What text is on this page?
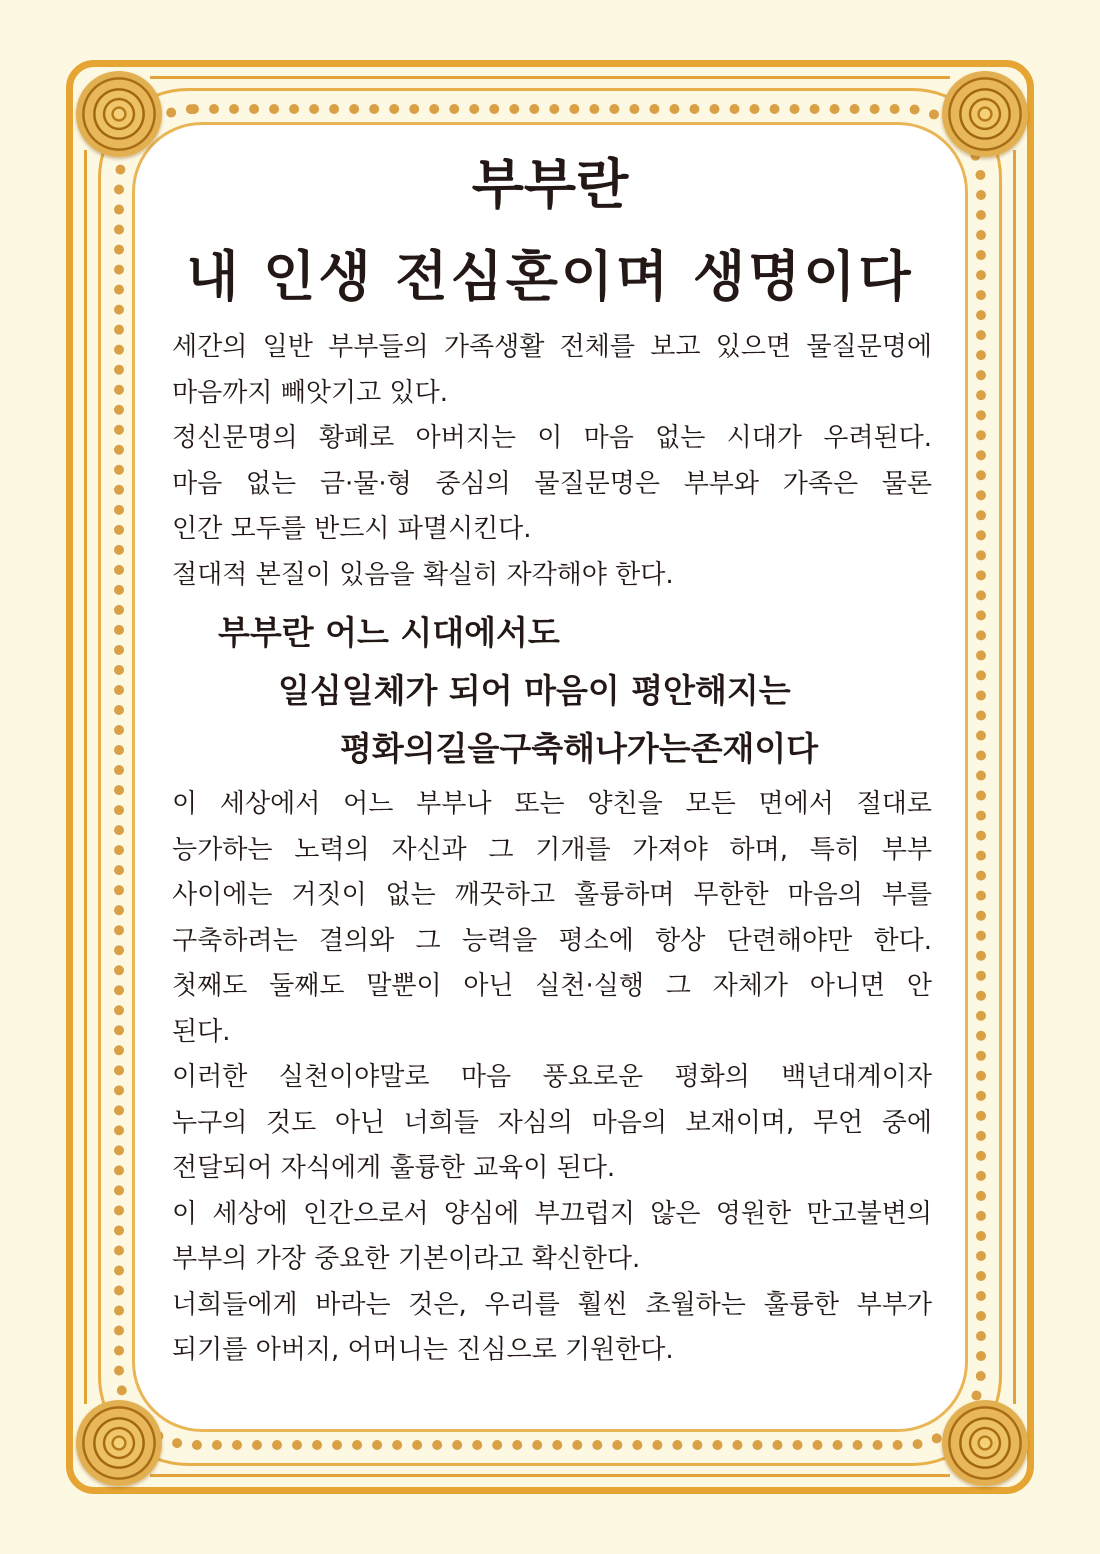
부부란
내 인생 전심혼이며 생명이다

세간의 일반 부부들의 가족생활 전체를 보고 있으면 물질문명에

마음까지 빼앗기고 있다.

정신문명의 황폐로 아버지는 이 마음 없는 시대가 우려된다.

마음 없는 금·물·형 중심의 물질문명은 부부와 가족은 물론

인간 모두를 반드시 파멸시킨다.

절대적 본질이 있음을 확실히 자각해야 한다.

부부란 어느 시대에서도
일심일체가 되어 마음이 평안해지는
평화의길을구축해나가는존재이다

이 세상에서 어느 부부나 또는 양친을 모든 면에서 절대로

능가하는 노력의 자신과 그 기개를 가져야 하며, 특히 부부

사이에는 거짓이 없는 깨끗하고 훌륭하며 무한한 마음의 부를

구축하려는 결의와 그 능력을 평소에 항상 단련해야만 한다.

첫째도 둘째도 말뿐이 아닌 실천·실행 그 자체가 아니면 안

된다.

이러한 실천이야말로 마음 풍요로운 평화의 백년대계이자

누구의 것도 아닌 너희들 자심의 마음의 보재이며, 무언 중에

전달되어 자식에게 훌륭한 교육이 된다.

이 세상에 인간으로서 양심에 부끄럽지 않은 영원한 만고불변의

부부의 가장 중요한 기본이라고 확신한다.

너희들에게 바라는 것은, 우리를 훨씬 초월하는 훌륭한 부부가

되기를 아버지, 어머니는 진심으로 기원한다.
